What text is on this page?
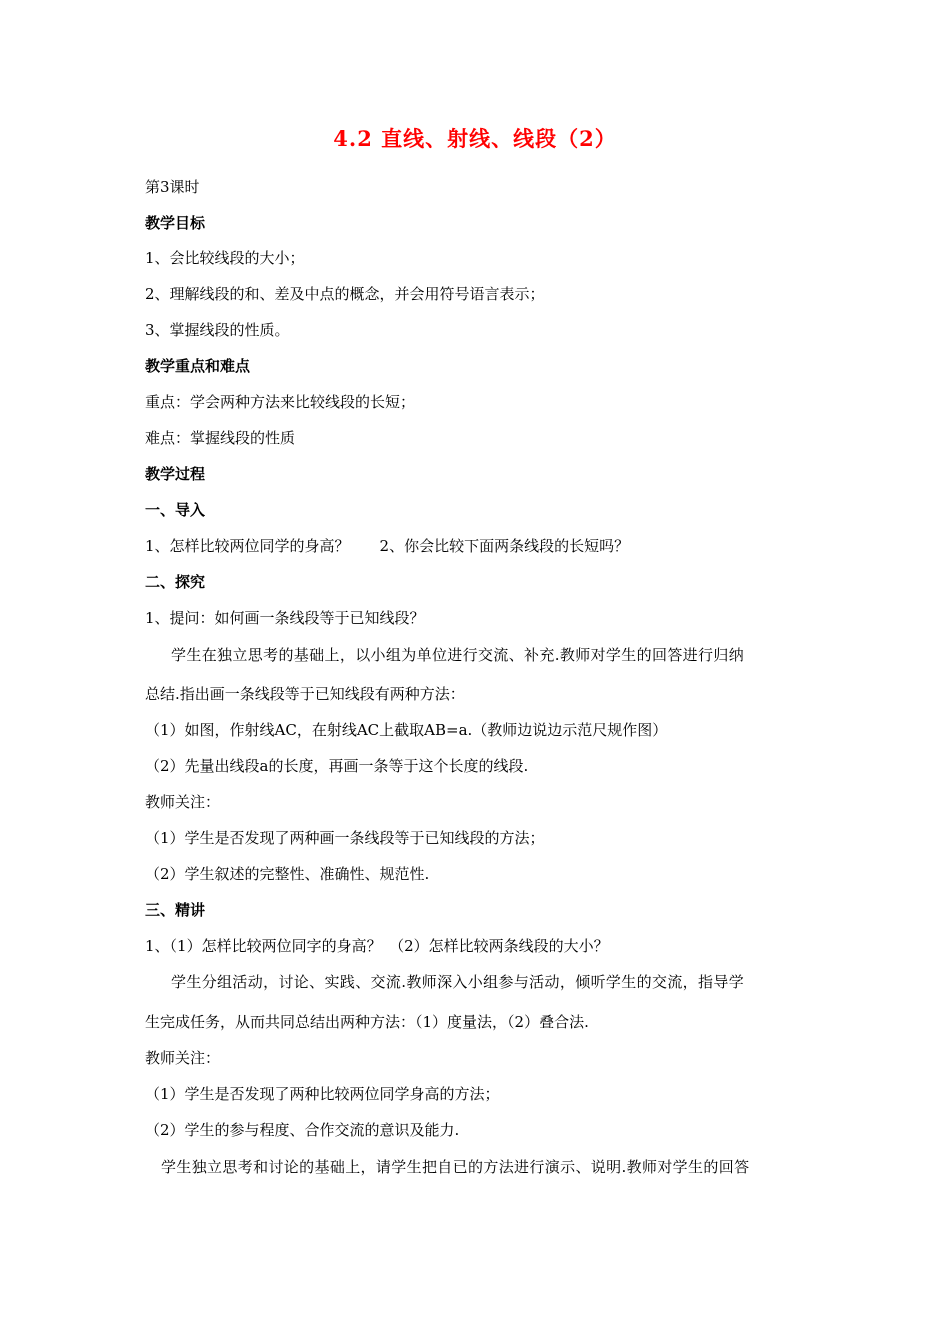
4.2 直线、射线、线段（2）
第3课时
教学目标
1、会比较线段的大小；
2、理解线段的和、差及中点的概念，并会用符号语言表示；
3、掌握线段的性质。
教学重点和难点
重点：学会两种方法来比较线段的长短；
难点：掌握线段的性质
教学过程
一、导入
1、怎样比较两位同学的身高？　　2、你会比较下面两条线段的长短吗？
二、探究
1、提问：如何画一条线段等于已知线段？
学生在独立思考的基础上，以小组为单位进行交流、补充.教师对学生的回答进行归纳
总结.指出画一条线段等于已知线段有两种方法：
（1）如图，作射线AC，在射线AC上截取AB=a.（教师边说边示范尺规作图）
（2）先量出线段a的长度，再画一条等于这个长度的线段.
教师关注：
（1）学生是否发现了两种画一条线段等于已知线段的方法；
（2）学生叙述的完整性、准确性、规范性.
三、精讲
1、（1）怎样比较两位同字的身高？　（2）怎样比较两条线段的大小？
学生分组活动，讨论、实践、交流.教师深入小组参与活动，倾听学生的交流，指导学
生完成任务，从而共同总结出两种方法：（1）度量法，（2）叠合法.
教师关注：
（1）学生是否发现了两种比较两位同学身高的方法；
（2）学生的参与程度、合作交流的意识及能力.
学生独立思考和讨论的基础上，请学生把自已的方法进行演示、说明.教师对学生的回答
